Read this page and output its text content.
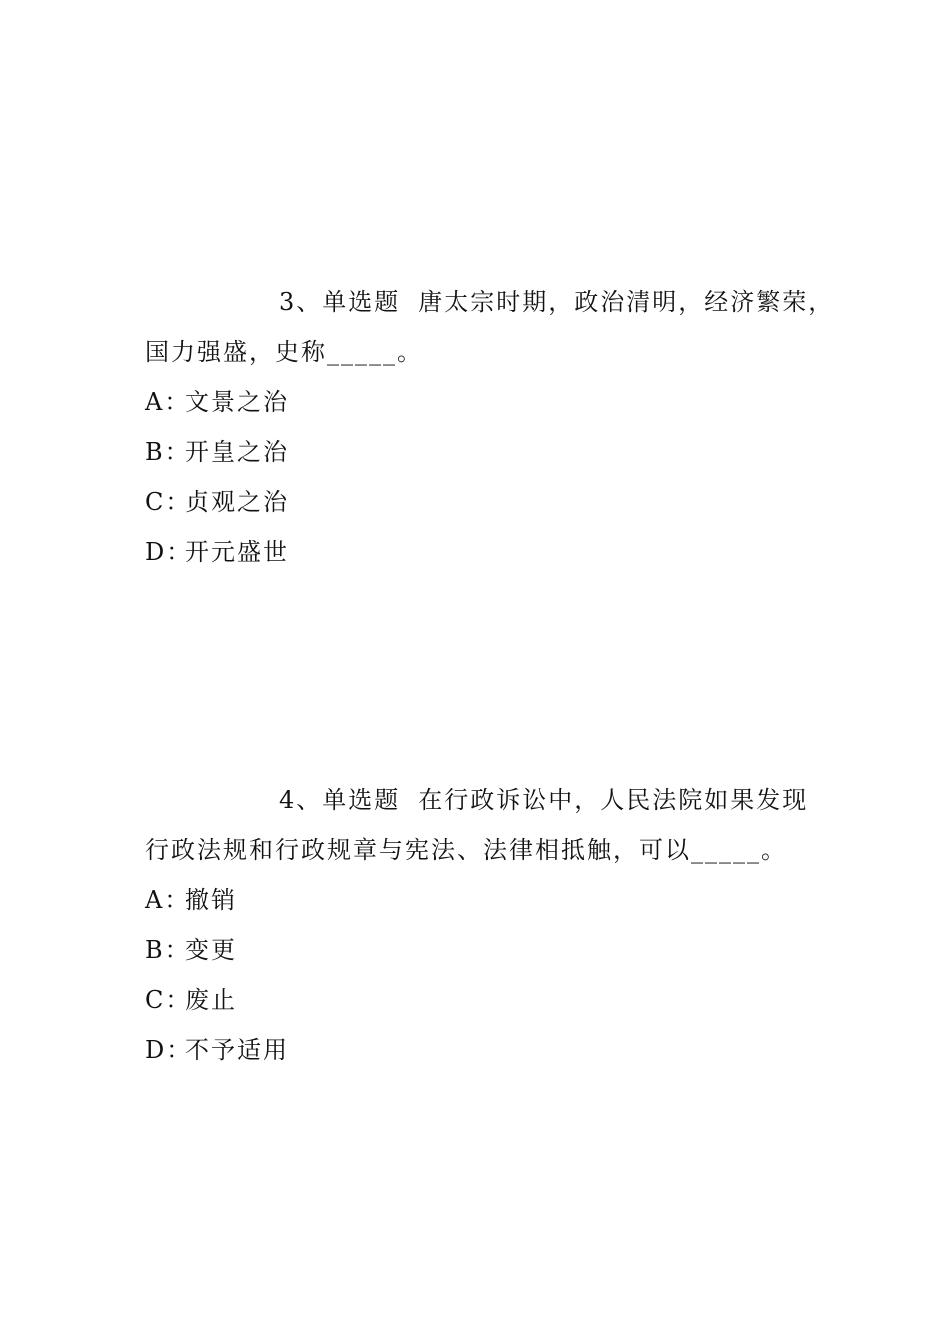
3、单选题 唐太宗时期，政治清明，经济繁荣，
国力强盛，史称_____。
A：文景之治
B：开皇之治
C：贞观之治
D：开元盛世
4、单选题 在行政诉讼中，人民法院如果发现
行政法规和行政规章与宪法、法律相抵触，可以_____。
A：撤销
B：变更
C：废止
D：不予适用
